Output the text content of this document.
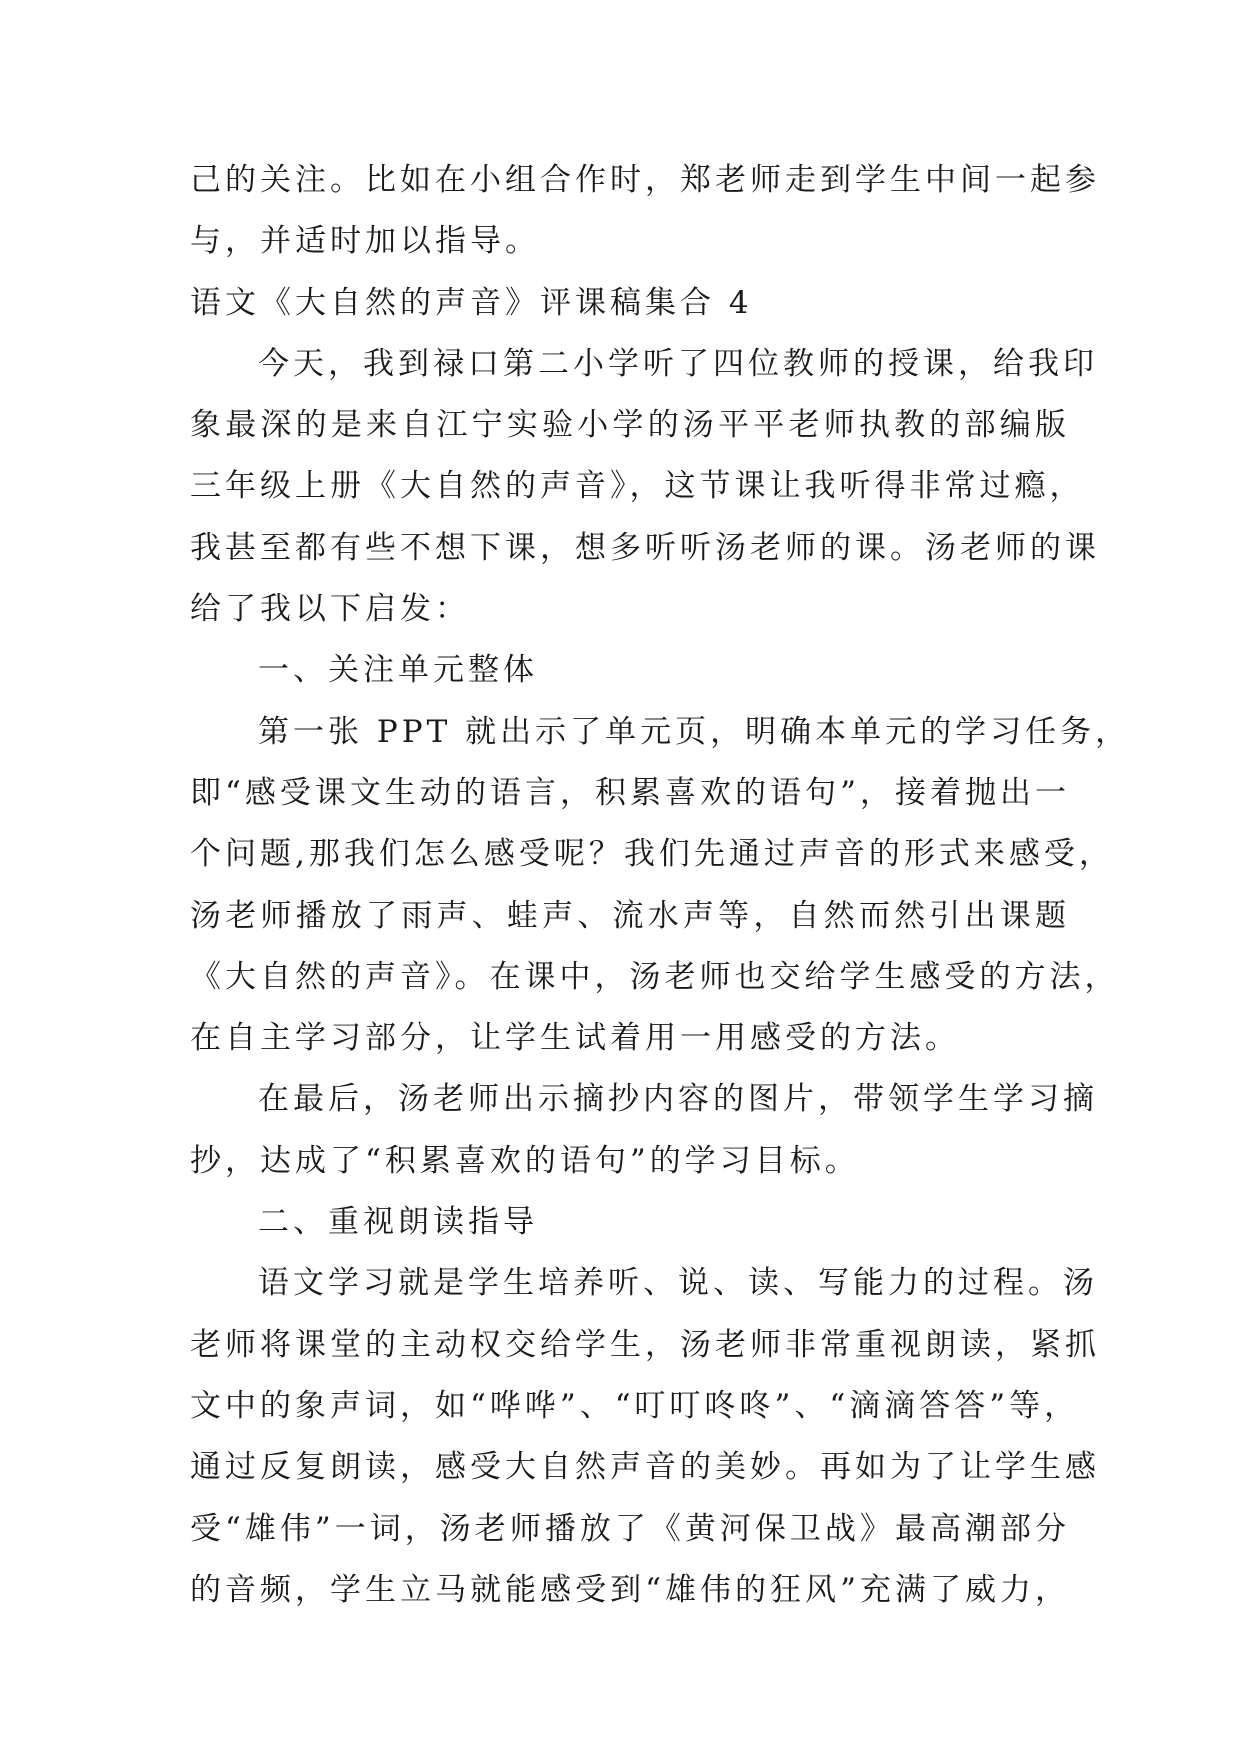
己的关注。比如在小组合作时，郑老师走到学生中间一起参
与，并适时加以指导。
语文《大自然的声音》评课稿集合 4
今天，我到禄口第二小学听了四位教师的授课，给我印
象最深的是来自江宁实验小学的汤平平老师执教的部编版
三年级上册《大自然的声音》，这节课让我听得非常过瘾，
我甚至都有些不想下课，想多听听汤老师的课。汤老师的课
给了我以下启发：
一、关注单元整体
第一张 PPT 就出示了单元页，明确本单元的学习任务，
即“感受课文生动的语言，积累喜欢的语句”，接着抛出一
个问题,那我们怎么感受呢？我们先通过声音的形式来感受，
汤老师播放了雨声、蛙声、流水声等，自然而然引出课题
《大自然的声音》。在课中，汤老师也交给学生感受的方法，
在自主学习部分，让学生试着用一用感受的方法。
在最后，汤老师出示摘抄内容的图片，带领学生学习摘
抄，达成了“积累喜欢的语句”的学习目标。
二、重视朗读指导
语文学习就是学生培养听、说、读、写能力的过程。汤
老师将课堂的主动权交给学生，汤老师非常重视朗读，紧抓
文中的象声词，如“哗哗”、“叮叮咚咚”、“滴滴答答”等，
通过反复朗读，感受大自然声音的美妙。再如为了让学生感
受“雄伟”一词，汤老师播放了《黄河保卫战》最高潮部分
的音频，学生立马就能感受到“雄伟的狂风”充满了威力，
